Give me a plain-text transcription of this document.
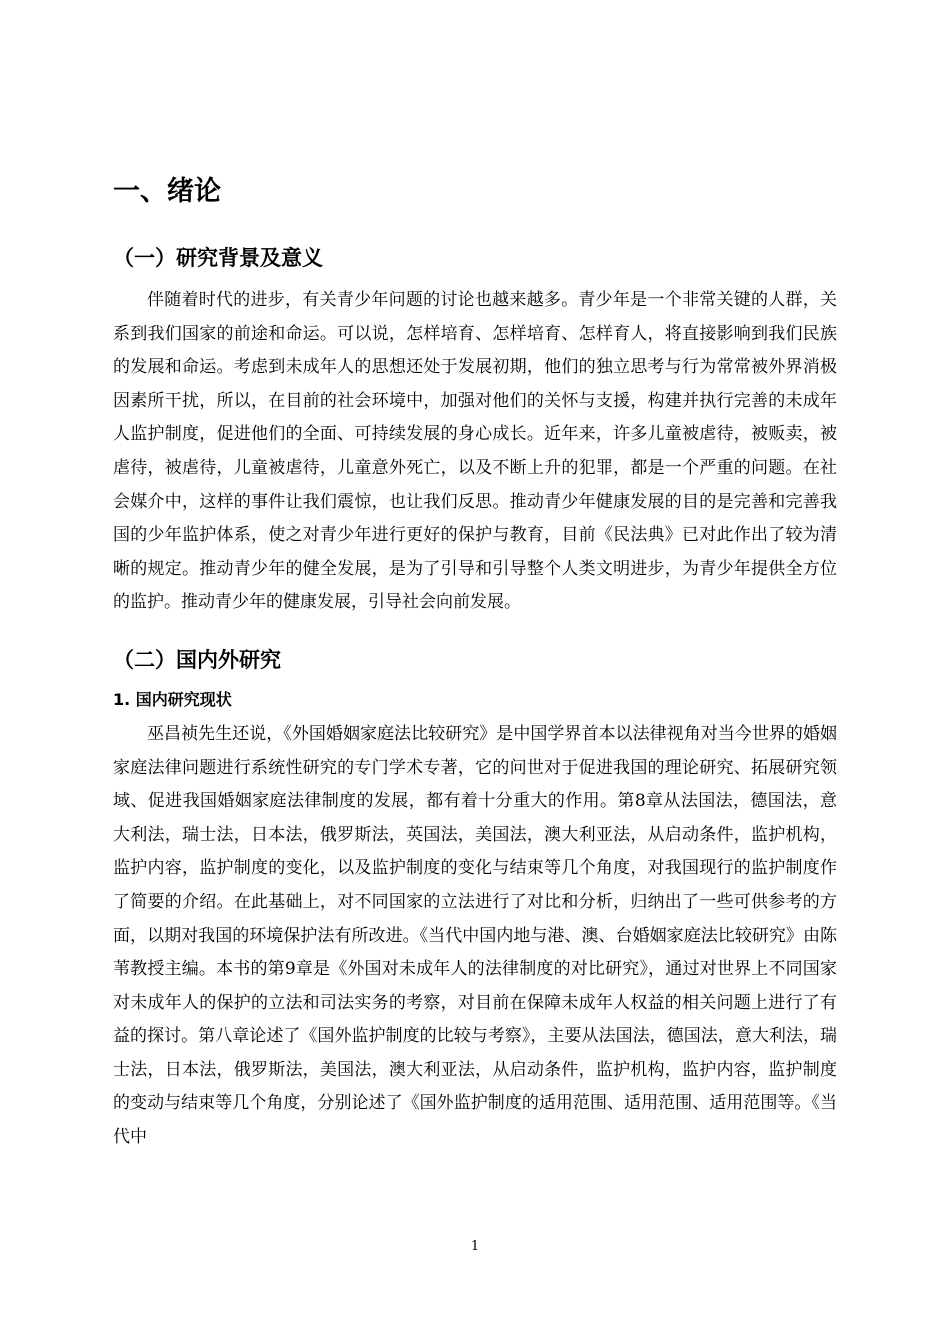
一、绪论
（一）研究背景及意义

伴随着时代的进步，有关青少年问题的讨论也越来越多。青少年是一个非常关键的人群，关系到我们国家的前途和命运。可以说，怎样培育、怎样培育、怎样育人，将直接影响到我们民族的发展和命运。考虑到未成年人的思想还处于发展初期，他们的独立思考与行为常常被外界消极因素所干扰，所以，在目前的社会环境中，加强对他们的关怀与支援，构建并执行完善的未成年人监护制度，促进他们的全面、可持续发展的身心成长。近年来，许多儿童被虐待，被贩卖，被虐待，被虐待，儿童被虐待，儿童意外死亡，以及不断上升的犯罪，都是一个严重的问题。在社会媒介中，这样的事件让我们震惊，也让我们反思。推动青少年健康发展的目的是完善和完善我国的少年监护体系，使之对青少年进行更好的保护与教育，目前《民法典》已对此作出了较为清晰的规定。推动青少年的健全发展，是为了引导和引导整个人类文明进步，为青少年提供全方位的监护。推动青少年的健康发展，引导社会向前发展。

（二）国内外研究
1. 国内研究现状

巫昌祯先生还说，《外国婚姻家庭法比较研究》是中国学界首本以法律视角对当今世界的婚姻家庭法律问题进行系统性研究的专门学术专著，它的问世对于促进我国的理论研究、拓展研究领域、促进我国婚姻家庭法律制度的发展，都有着十分重大的作用。第8章从法国法，德国法，意大利法，瑞士法，日本法，俄罗斯法，英国法，美国法，澳大利亚法，从启动条件，监护机构，监护内容，监护制度的变化，以及监护制度的变化与结束等几个角度，对我国现行的监护制度作了简要的介绍。在此基础上，对不同国家的立法进行了对比和分析，归纳出了一些可供参考的方面，以期对我国的环境保护法有所改进。《当代中国内地与港、澳、台婚姻家庭法比较研究》由陈苇教授主编。本书的第9章是《外国对未成年人的法律制度的对比研究》，通过对世界上不同国家对未成年人的保护的立法和司法实务的考察，对目前在保障未成年人权益的相关问题上进行了有益的探讨。第八章论述了《国外监护制度的比较与考察》，主要从法国法，德国法，意大利法，瑞士法，日本法，俄罗斯法，美国法，澳大利亚法，从启动条件，监护机构，监护内容，监护制度的变动与结束等几个角度，分别论述了《国外监护制度的适用范围、适用范围、适用范围等。《当代中

1
